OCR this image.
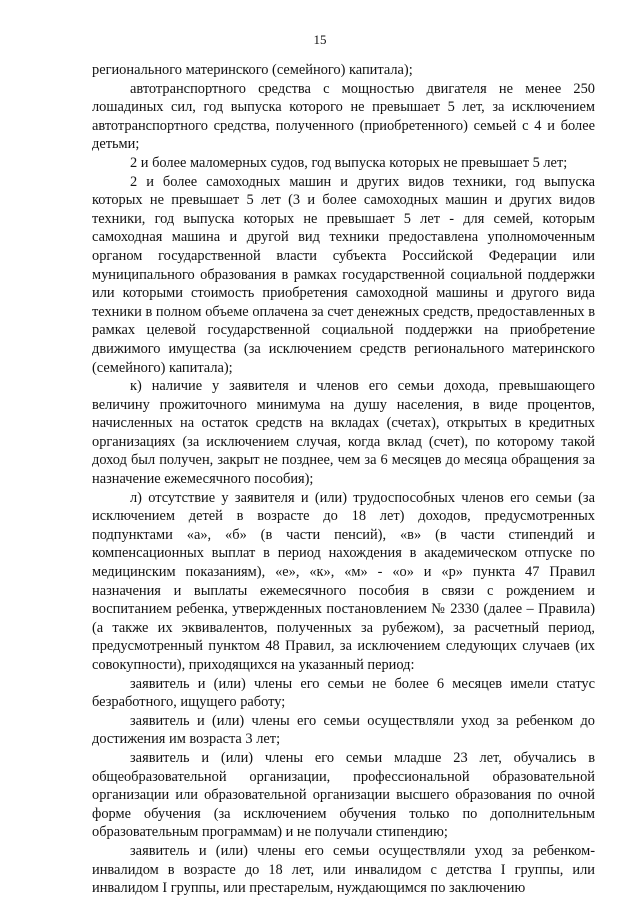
15

регионального материнского (семейного) капитала);

автотранспортного средства с мощностью двигателя не менее 250 лошадиных сил, год выпуска которого не превышает 5 лет, за исключением автотранспортного средства, полученного (приобретенного) семьей с 4 и более детьми;

2 и более маломерных судов, год выпуска которых не превышает 5 лет;

2 и более самоходных машин и других видов техники, год выпуска которых не превышает 5 лет (3 и более самоходных машин и других видов техники, год выпуска которых не превышает 5 лет - для семей, которым самоходная машина и другой вид техники предоставлена уполномоченным органом государственной власти субъекта Российской Федерации или муниципального образования в рамках государственной социальной поддержки или которыми стоимость приобретения самоходной машины и другого вида техники в полном объеме оплачена за счет денежных средств, предоставленных в рамках целевой государственной социальной поддержки на приобретение движимого имущества (за исключением средств регионального материнского (семейного) капитала);

к) наличие у заявителя и членов его семьи дохода, превышающего величину прожиточного минимума на душу населения, в виде процентов, начисленных на остаток средств на вкладах (счетах), открытых в кредитных организациях (за исключением случая, когда вклад (счет), по которому такой доход был получен, закрыт не позднее, чем за 6 месяцев до месяца обращения за назначение ежемесячного пособия);

л) отсутствие у заявителя и (или) трудоспособных членов его семьи (за исключением детей в возрасте до 18 лет) доходов, предусмотренных подпунктами «а», «б» (в части пенсий), «в» (в части стипендий и компенсационных выплат в период нахождения в академическом отпуске по медицинским показаниям), «е», «к», «м» - «о» и «р» пункта 47 Правил назначения и выплаты ежемесячного пособия в связи с рождением и воспитанием ребенка, утвержденных постановлением № 2330 (далее – Правила) (а также их эквивалентов, полученных за рубежом), за расчетный период, предусмотренный пунктом 48 Правил, за исключением следующих случаев (их совокупности), приходящихся на указанный период:

заявитель и (или) члены его семьи не более 6 месяцев имели статус безработного, ищущего работу;

заявитель и (или) члены его семьи осуществляли уход за ребенком до достижения им возраста 3 лет;

заявитель и (или) члены его семьи младше 23 лет, обучались в общеобразовательной организации, профессиональной образовательной организации или образовательной организации высшего образования по очной форме обучения (за исключением обучения только по дополнительным образовательным программам) и не получали стипендию;

заявитель и (или) члены его семьи осуществляли уход за ребенком-инвалидом в возрасте до 18 лет, или инвалидом с детства I группы, или инвалидом I группы, или престарелым, нуждающимся по заключению
